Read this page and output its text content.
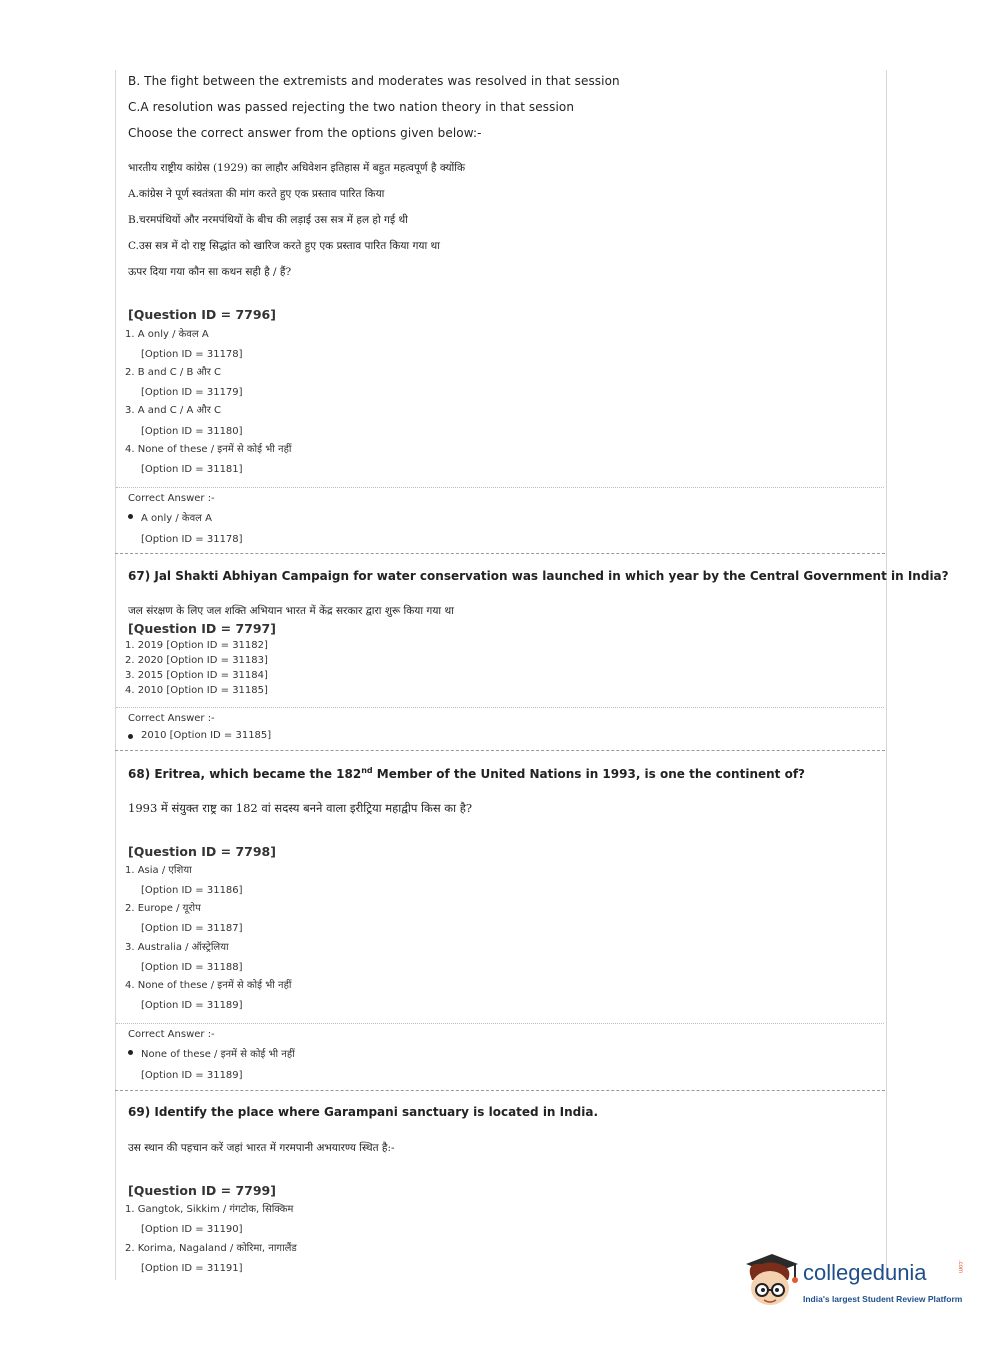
B. The fight between the extremists and moderates was resolved in that session
C.A resolution was passed rejecting the two nation theory in that session
Choose the correct answer from the options given below:-
भारतीय राष्ट्रीय कांग्रेस (1929) का लाहौर अधिवेशन इतिहास में बहुत महत्वपूर्ण है क्योंकि
A.कांग्रेस ने पूर्ण स्वतंत्रता की मांग करते हुए एक प्रस्ताव पारित किया
B.चरमपंथियों और नरमपंथियों के बीच की लड़ाई उस सत्र में हल हो गई थी
C.उस सत्र में दो राष्ट्र सिद्धांत को खारिज करते हुए एक प्रस्ताव पारित किया गया था
ऊपर दिया गया कौन सा कथन सही है / हैं?
[Question ID = 7796]
1. A only / केवल A
[Option ID = 31178]
2. B and C / B और C
[Option ID = 31179]
3. A and C / A और C
[Option ID = 31180]
4. None of these / इनमें से कोई भी नहीं
[Option ID = 31181]
Correct Answer :-
A only / केवल A
[Option ID = 31178]
67) Jal Shakti Abhiyan Campaign for water conservation was launched in which year by the Central Government in India?
जल संरक्षण के लिए जल शक्ति अभियान भारत में केंद्र सरकार द्वारा शुरू किया गया था
[Question ID = 7797]
1. 2019 [Option ID = 31182]
2. 2020 [Option ID = 31183]
3. 2015 [Option ID = 31184]
4. 2010 [Option ID = 31185]
Correct Answer :-
2010 [Option ID = 31185]
68) Eritrea, which became the 182nd Member of the United Nations in 1993, is one the continent of?
1993 में संयुक्त राष्ट्र का 182 वां सदस्य बनने वाला इरीट्रिया महाद्वीप किस का है?
[Question ID = 7798]
1. Asia / एशिया
[Option ID = 31186]
2. Europe / यूरोप
[Option ID = 31187]
3. Australia / ऑस्ट्रेलिया
[Option ID = 31188]
4. None of these / इनमें से कोई भी नहीं
[Option ID = 31189]
Correct Answer :-
None of these / इनमें से कोई भी नहीं
[Option ID = 31189]
69) Identify the place where Garampani sanctuary is located in India.
उस स्थान की पहचान करें जहां भारत में गरमपानी अभयारण्य स्थित है:-
[Question ID = 7799]
1. Gangtok, Sikkim / गंगटोक, सिक्किम
[Option ID = 31190]
2. Korima, Nagaland / कोरिमा, नागालैंड
[Option ID = 31191]	collegedunia	.com
India's largest Student Review Platform
